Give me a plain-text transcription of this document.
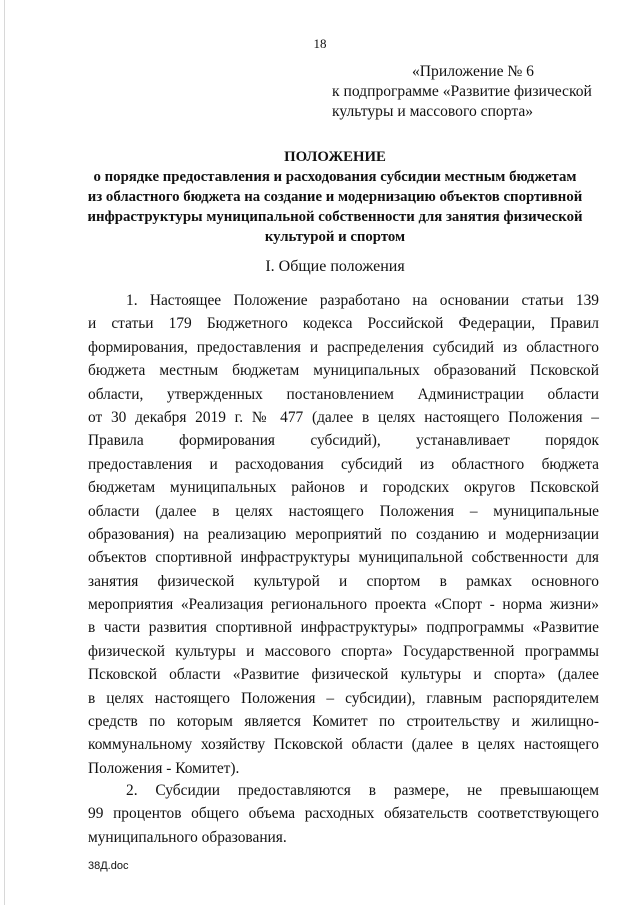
18
«Приложение № 6
к подпрограмме «Развитие физической
культуры и массового спорта»
ПОЛОЖЕНИЕ
о порядке предоставления и расходования субсидии местным бюджетам
из областного бюджета на создание и модернизацию объектов спортивной
инфраструктуры муниципальной собственности для занятия физической
культурой и спортом
I. Общие положения
1. Настоящее Положение разработано на основании статьи 139
и статьи 179 Бюджетного кодекса Российской Федерации, Правил
формирования, предоставления и распределения субсидий из областного
бюджета местным бюджетам муниципальных образований Псковской
области, утвержденных постановлением Администрации области
от 30 декабря 2019 г. № 477 (далее в целях настоящего Положения –
Правила формирования субсидий), устанавливает порядок
предоставления и расходования субсидий из областного бюджета
бюджетам муниципальных районов и городских округов Псковской
области (далее в целях настоящего Положения – муниципальные
образования) на реализацию мероприятий по созданию и модернизации
объектов спортивной инфраструктуры муниципальной собственности для
занятия физической культурой и спортом в рамках основного
мероприятия «Реализация регионального проекта «Спорт - норма жизни»
в части развития спортивной инфраструктуры» подпрограммы «Развитие
физической культуры и массового спорта» Государственной программы
Псковской области «Развитие физической культуры и спорта» (далее
в целях настоящего Положения – субсидии), главным распорядителем
средств по которым является Комитет по строительству и жилищно-
коммунальному хозяйству Псковской области (далее в целях настоящего
Положения - Комитет).
2. Субсидии предоставляются в размере, не превышающем
99 процентов общего объема расходных обязательств соответствующего
муниципального образования.
38Д.doc
